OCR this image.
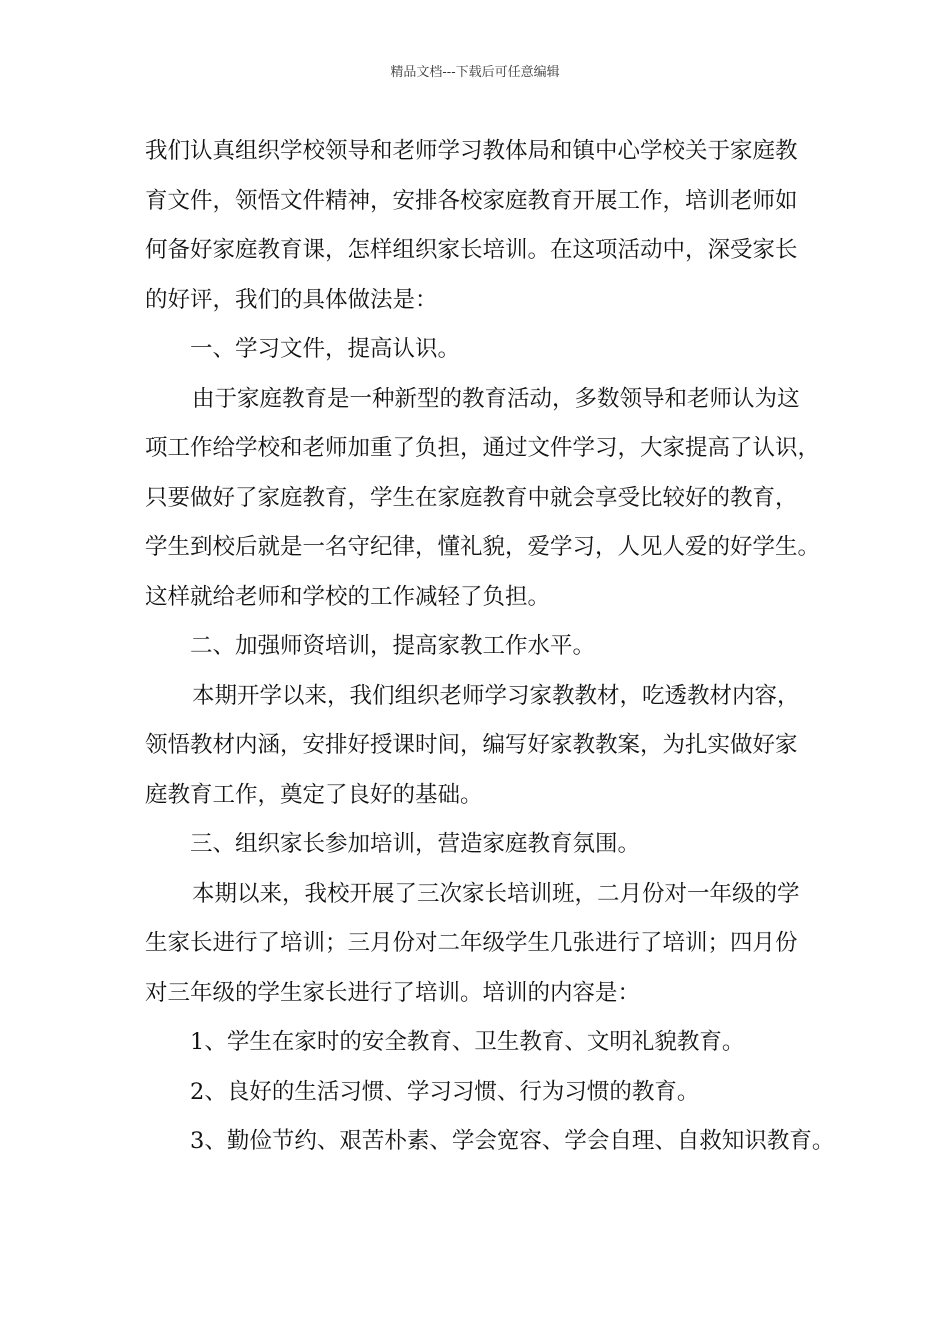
精品文档---下载后可任意编辑
我们认真组织学校领导和老师学习教体局和镇中心学校关于家庭教
育文件，领悟文件精神，安排各校家庭教育开展工作，培训老师如
何备好家庭教育课，怎样组织家长培训。在这项活动中，深受家长
的好评，我们的具体做法是：
一、学习文件，提高认识。
由于家庭教育是一种新型的教育活动，多数领导和老师认为这
项工作给学校和老师加重了负担，通过文件学习，大家提高了认识，
只要做好了家庭教育，学生在家庭教育中就会享受比较好的教育，
学生到校后就是一名守纪律，懂礼貌，爱学习，人见人爱的好学生。
这样就给老师和学校的工作减轻了负担。
二、加强师资培训，提高家教工作水平。
本期开学以来，我们组织老师学习家教教材，吃透教材内容，
领悟教材内涵，安排好授课时间，编写好家教教案，为扎实做好家
庭教育工作，奠定了良好的基础。
三、组织家长参加培训，营造家庭教育氛围。
本期以来，我校开展了三次家长培训班，二月份对一年级的学
生家长进行了培训；三月份对二年级学生几张进行了培训；四月份
对三年级的学生家长进行了培训。培训的内容是：
1、学生在家时的安全教育、卫生教育、文明礼貌教育。
2、良好的生活习惯、学习习惯、行为习惯的教育。
3、勤俭节约、艰苦朴素、学会宽容、学会自理、自救知识教育。
